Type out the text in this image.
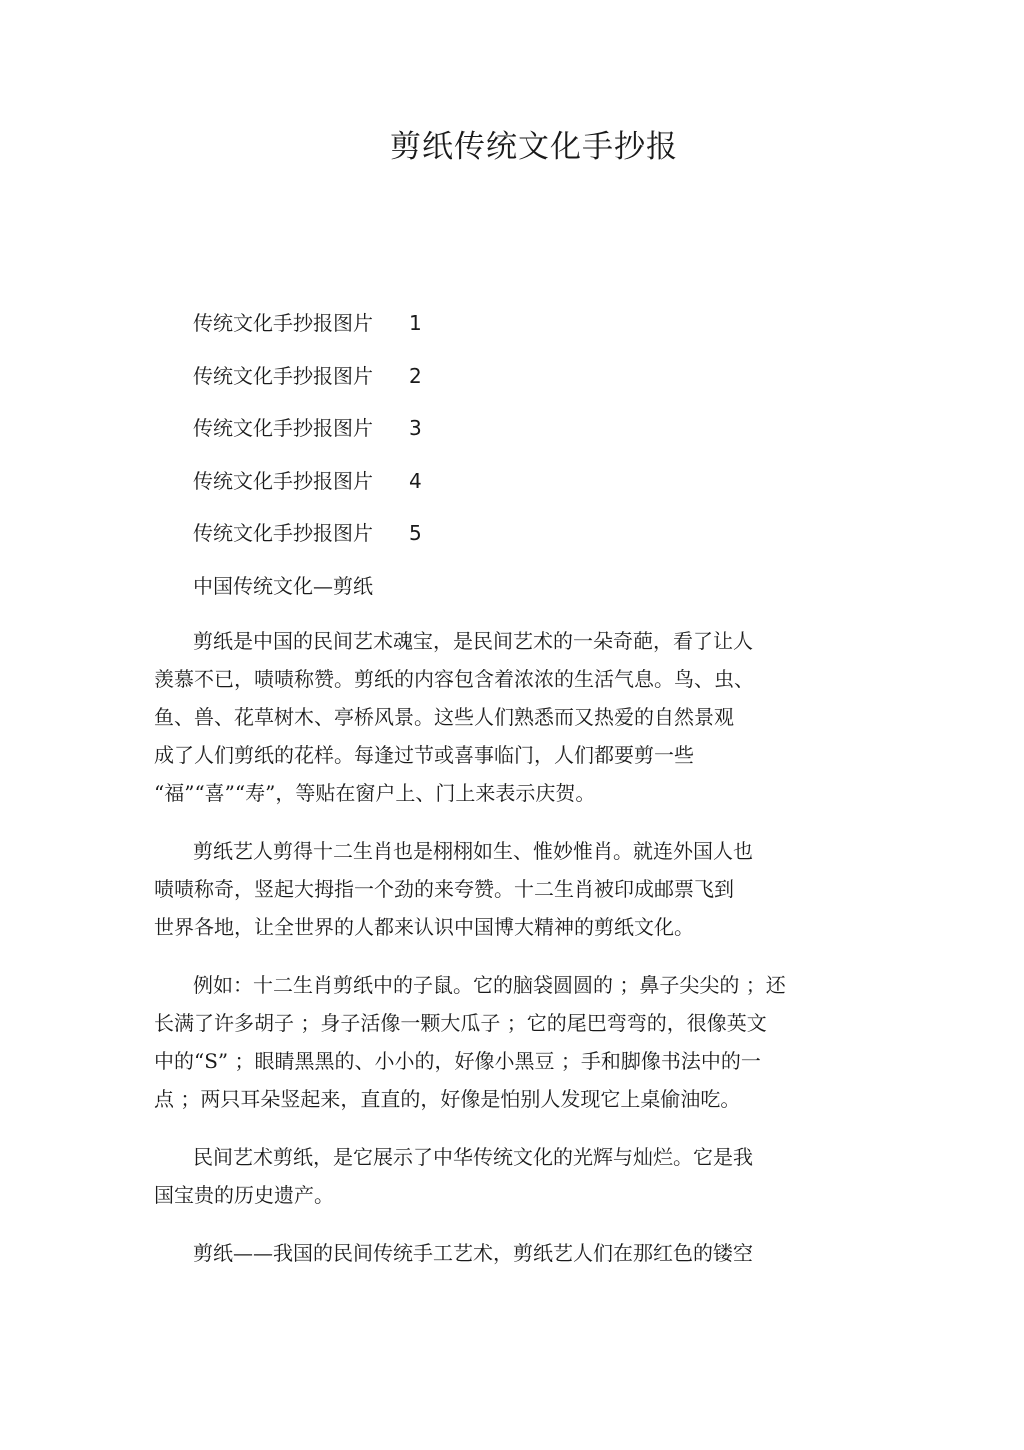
剪纸传统文化手抄报
传统文化手抄报图片 1
传统文化手抄报图片 2
传统文化手抄报图片 3
传统文化手抄报图片 4
传统文化手抄报图片 5
中国传统文化—剪纸
剪纸是中国的民间艺术魂宝，是民间艺术的一朵奇葩，看了让人
羡慕不已，啧啧称赞。剪纸的内容包含着浓浓的生活气息。鸟、虫、
鱼、兽、花草树木、亭桥风景。这些人们熟悉而又热爱的自然景观
成了人们剪纸的花样。每逢过节或喜事临门，人们都要剪一些
“福”“喜”“寿”，等贴在窗户上、门上来表示庆贺。
剪纸艺人剪得十二生肖也是栩栩如生、惟妙惟肖。就连外国人也
啧啧称奇，竖起大拇指一个劲的来夸赞。十二生肖被印成邮票飞到
世界各地，让全世界的人都来认识中国博大精神的剪纸文化。
例如：十二生肖剪纸中的子鼠。它的脑袋圆圆的 ；鼻子尖尖的 ；还
长满了许多胡子 ；身子活像一颗大瓜子 ；它的尾巴弯弯的，很像英文
中的“S” ；眼睛黑黑的、小小的，好像小黑豆 ；手和脚像书法中的一
点 ；两只耳朵竖起来，直直的，好像是怕别人发现它上桌偷油吃。
民间艺术剪纸，是它展示了中华传统文化的光辉与灿烂。它是我
国宝贵的历史遗产。
剪纸——我国的民间传统手工艺术，剪纸艺人们在那红色的镂空
